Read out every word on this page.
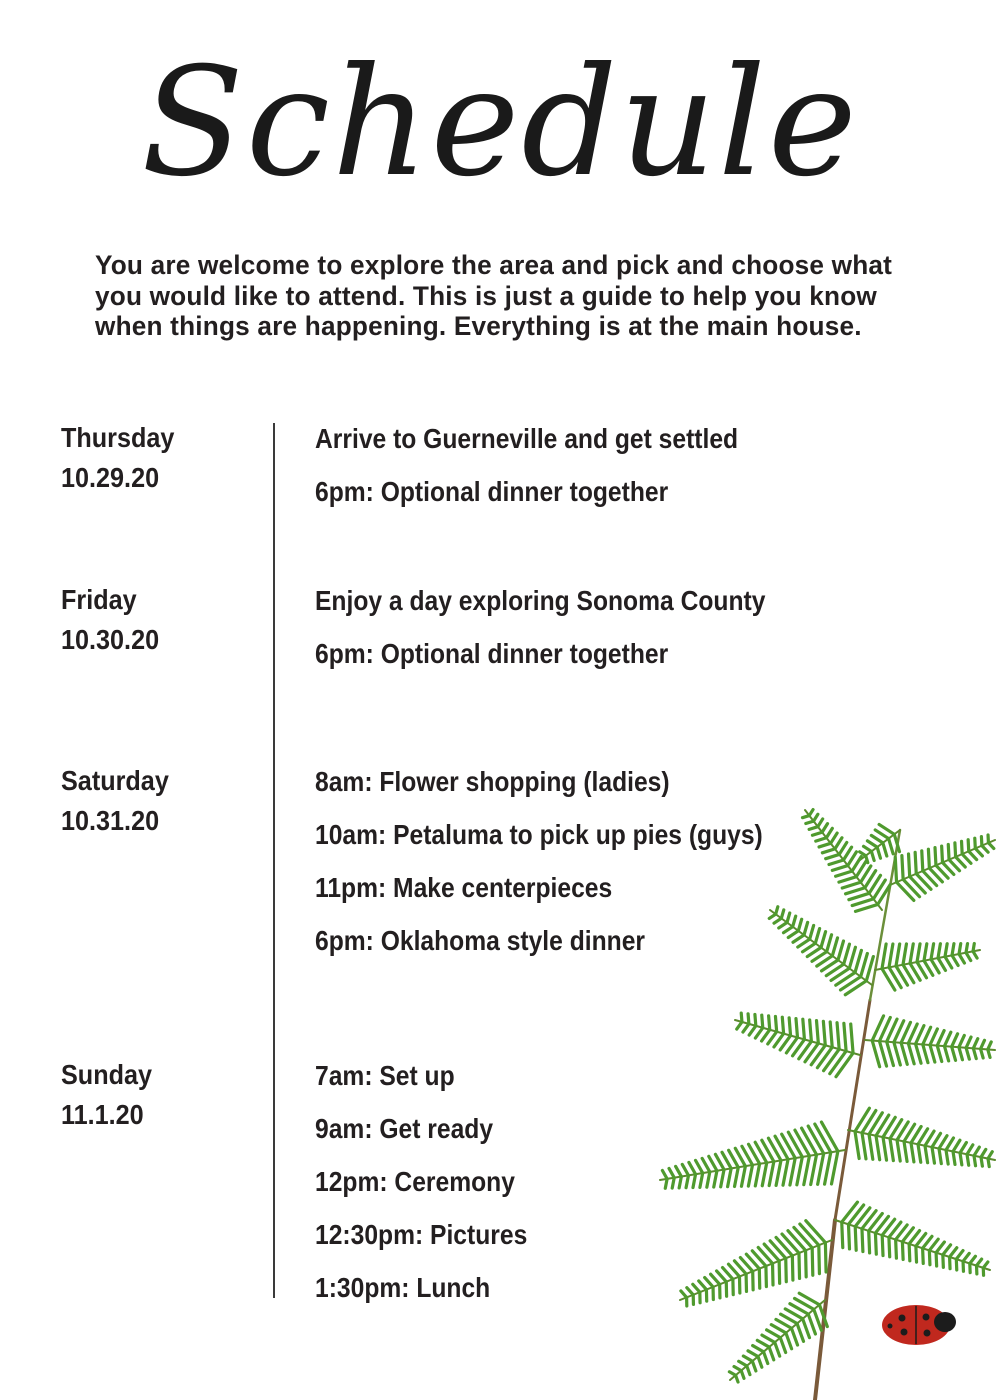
Schedule
You are welcome to explore the area and pick and choose what you would like to attend. This is just a guide to help you know when things are happening. Everything is at the main house.
Thursday
10.29.20
Arrive to Guerneville and get settled
6pm: Optional dinner together
Friday
10.30.20
Enjoy a day exploring Sonoma County
6pm: Optional dinner together
Saturday
10.31.20
8am: Flower shopping (ladies)
10am: Petaluma to pick up pies (guys)
11pm: Make centerpieces
6pm: Oklahoma style dinner
Sunday
11.1.20
7am: Set up
9am: Get ready
12pm: Ceremony
12:30pm: Pictures
1:30pm: Lunch
